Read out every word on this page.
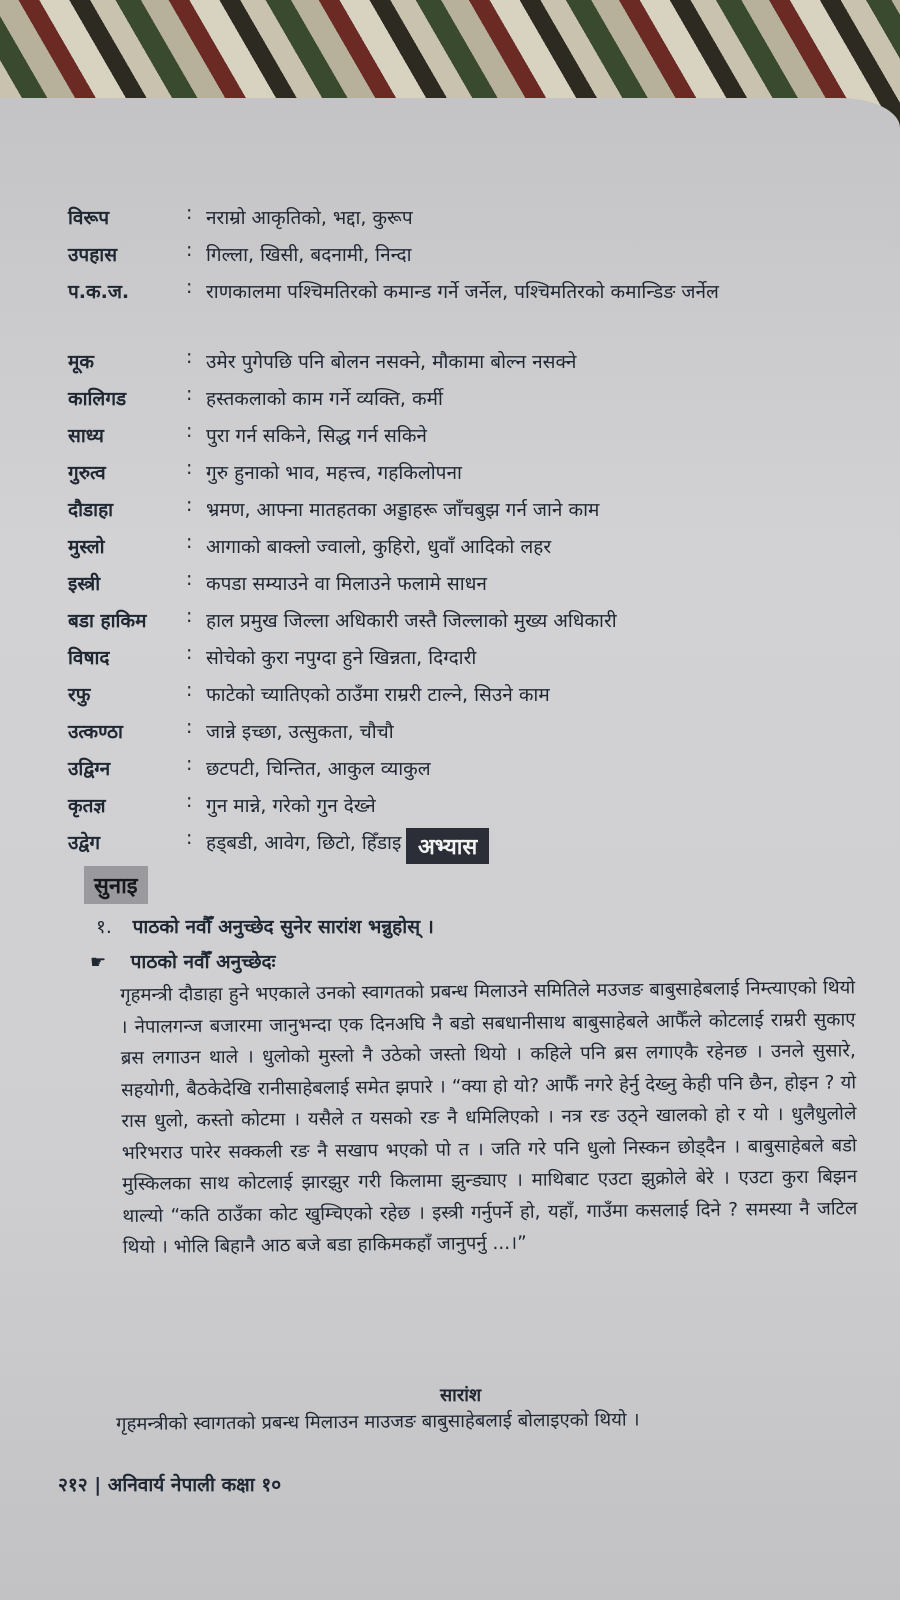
विरूप	: नराम्रो आकृतिको, भद्दा, कुरूप
उपहास	: गिल्ला, खिसी, बदनामी, निन्दा
प.क.ज.	: राणकालमा पश्चिमतिरको कमान्ड गर्ने जर्नेल, पश्चिमतिरको कमान्डिङ जर्नेल
मूक	: उमेर पुगेपछि पनि बोलन नसक्ने, मौकामा बोल्न नसक्ने
कालिगड	: हस्तकलाको काम गर्ने व्यक्ति, कर्मी
साध्य	: पुरा गर्न सकिने, सिद्ध गर्न सकिने
गुरुत्व	: गुरु हुनाको भाव, महत्त्व, गहकिलोपना
दौडाहा	: भ्रमण, आफ्ना मातहतका अड्डाहरू जाँचबुझ गर्न जाने काम
मुस्लो	: आगाको बाक्लो ज्वालो, कुहिरो, धुवाँ आदिको लहर
इस्त्री	: कपडा सम्याउने वा मिलाउने फलामे साधन
बडा हाकिम	: हाल प्रमुख जिल्ला अधिकारी जस्तै जिल्लाको मुख्य अधिकारी
विषाद	: सोचेको कुरा नपुग्दा हुने खिन्नता, दिग्दारी
रफु	: फाटेको च्यातिएको ठाउँमा राम्ररी टाल्ने, सिउने काम
उत्कण्ठा	: जान्ने इच्छा, उत्सुकता, चौचौ
उद्विग्न	: छटपटी, चिन्तित, आकुल व्याकुल
कृतज्ञ	: गुन मान्ने, गरेको गुन देख्ने
उद्वेग	: हड्बडी, आवेग, छिटो, हिँडाइ अभ्यास
सुनाइ
१. पाठको नवौँ अनुच्छेद सुनेर सारांश भन्नुहोस् ।
☛ पाठको नवौँ अनुच्छेदः
गृहमन्त्री दौडाहा हुने भएकाले उनको स्वागतको प्रबन्ध मिलाउने समितिले मउजङ बाबुसाहेबलाई निम्त्याएको थियो । नेपालगन्ज बजारमा जानुभन्दा एक दिनअघि नै बडो सबधानीसाथ बाबुसाहेबले आफैँले कोटलाई राम्ररी सुकाए ब्रस लगाउन थाले । धुलोको मुस्लो नै उठेको जस्तो थियो । कहिले पनि ब्रस लगाएकै रहेनछ । उनले सुसारे, सहयोगी, बैठकेदेखि रानीसाहेबलाई समेत झपारे । “क्या हो यो? आफैँ नगरे हेर्नु देख्नु केही पनि छैन, होइन ? यो रास धुलो, कस्तो कोटमा । यसैले त यसको रङ नै धमिलिएको । नत्र रङ उठ्ने खालको हो र यो । धुलैधुलोले भरिभराउ पारेर सक्कली रङ नै सखाप भएको पो त । जति गरे पनि धुलो निस्कन छोड्दैन । बाबुसाहेबले बडो मुस्किलका साथ कोटलाई झारझुर गरी किलामा झुन्ड्याए । माथिबाट एउटा झुक्रोले बेरे । एउटा कुरा बिझन थाल्यो “कति ठाउँका कोट खुम्चिएको रहेछ । इस्त्री गर्नुपर्ने हो, यहाँ, गाउँमा कसलाई दिने ? समस्या नै जटिल थियो । भोलि बिहानै आठ बजे बडा हाकिमकहाँ जानुपर्नु ...।”
सारांश
गृहमन्त्रीको स्वागतको प्रबन्ध मिलाउन माउजङ बाबुसाहेबलाई बोलाइएको थियो ।
२१२ | अनिवार्य नेपाली कक्षा १०
